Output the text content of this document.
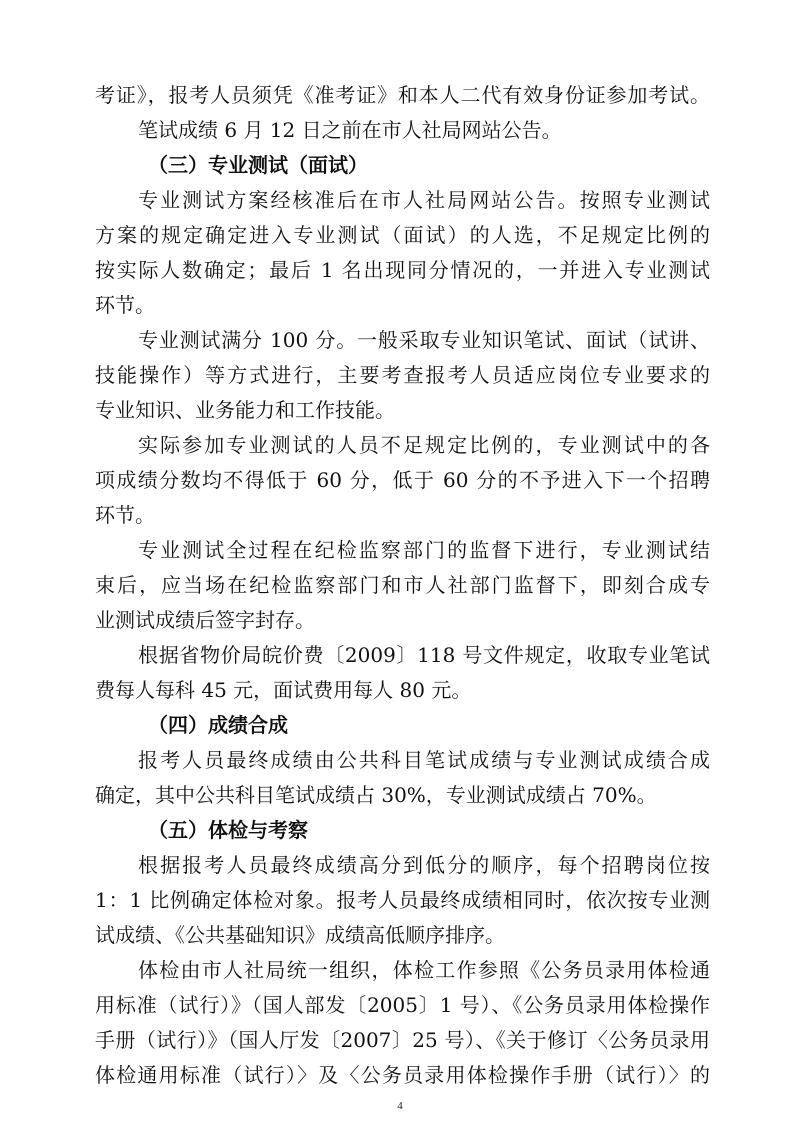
考证》，报考人员须凭《准考证》和本人二代有效身份证参加考试。
笔试成绩 6 月 12 日之前在市人社局网站公告。
（三）专业测试（面试）
专业测试方案经核准后在市人社局网站公告。按照专业测试
方案的规定确定进入专业测试（面试）的人选，不足规定比例的
按实际人数确定；最后 1 名出现同分情况的，一并进入专业测试
环节。
专业测试满分 100 分。一般采取专业知识笔试、面试（试讲、
技能操作）等方式进行，主要考查报考人员适应岗位专业要求的
专业知识、业务能力和工作技能。
实际参加专业测试的人员不足规定比例的，专业测试中的各
项成绩分数均不得低于 60 分，低于 60 分的不予进入下一个招聘
环节。
专业测试全过程在纪检监察部门的监督下进行，专业测试结
束后，应当场在纪检监察部门和市人社部门监督下，即刻合成专
业测试成绩后签字封存。
根据省物价局皖价费〔2009〕118 号文件规定，收取专业笔试
费每人每科 45 元，面试费用每人 80 元。
（四）成绩合成
报考人员最终成绩由公共科目笔试成绩与专业测试成绩合成
确定，其中公共科目笔试成绩占 30%，专业测试成绩占 70%。
（五）体检与考察
根据报考人员最终成绩高分到低分的顺序，每个招聘岗位按
1：1 比例确定体检对象。报考人员最终成绩相同时，依次按专业测
试成绩、《公共基础知识》成绩高低顺序排序。
体检由市人社局统一组织，体检工作参照《公务员录用体检通
用标准（试行）》（国人部发〔2005〕1 号）、《公务员录用体检操作
手册（试行）》（国人厅发〔2007〕25 号）、《关于修订〈公务员录用
体检通用标准（试行）〉及〈公务员录用体检操作手册（试行）〉的
4
